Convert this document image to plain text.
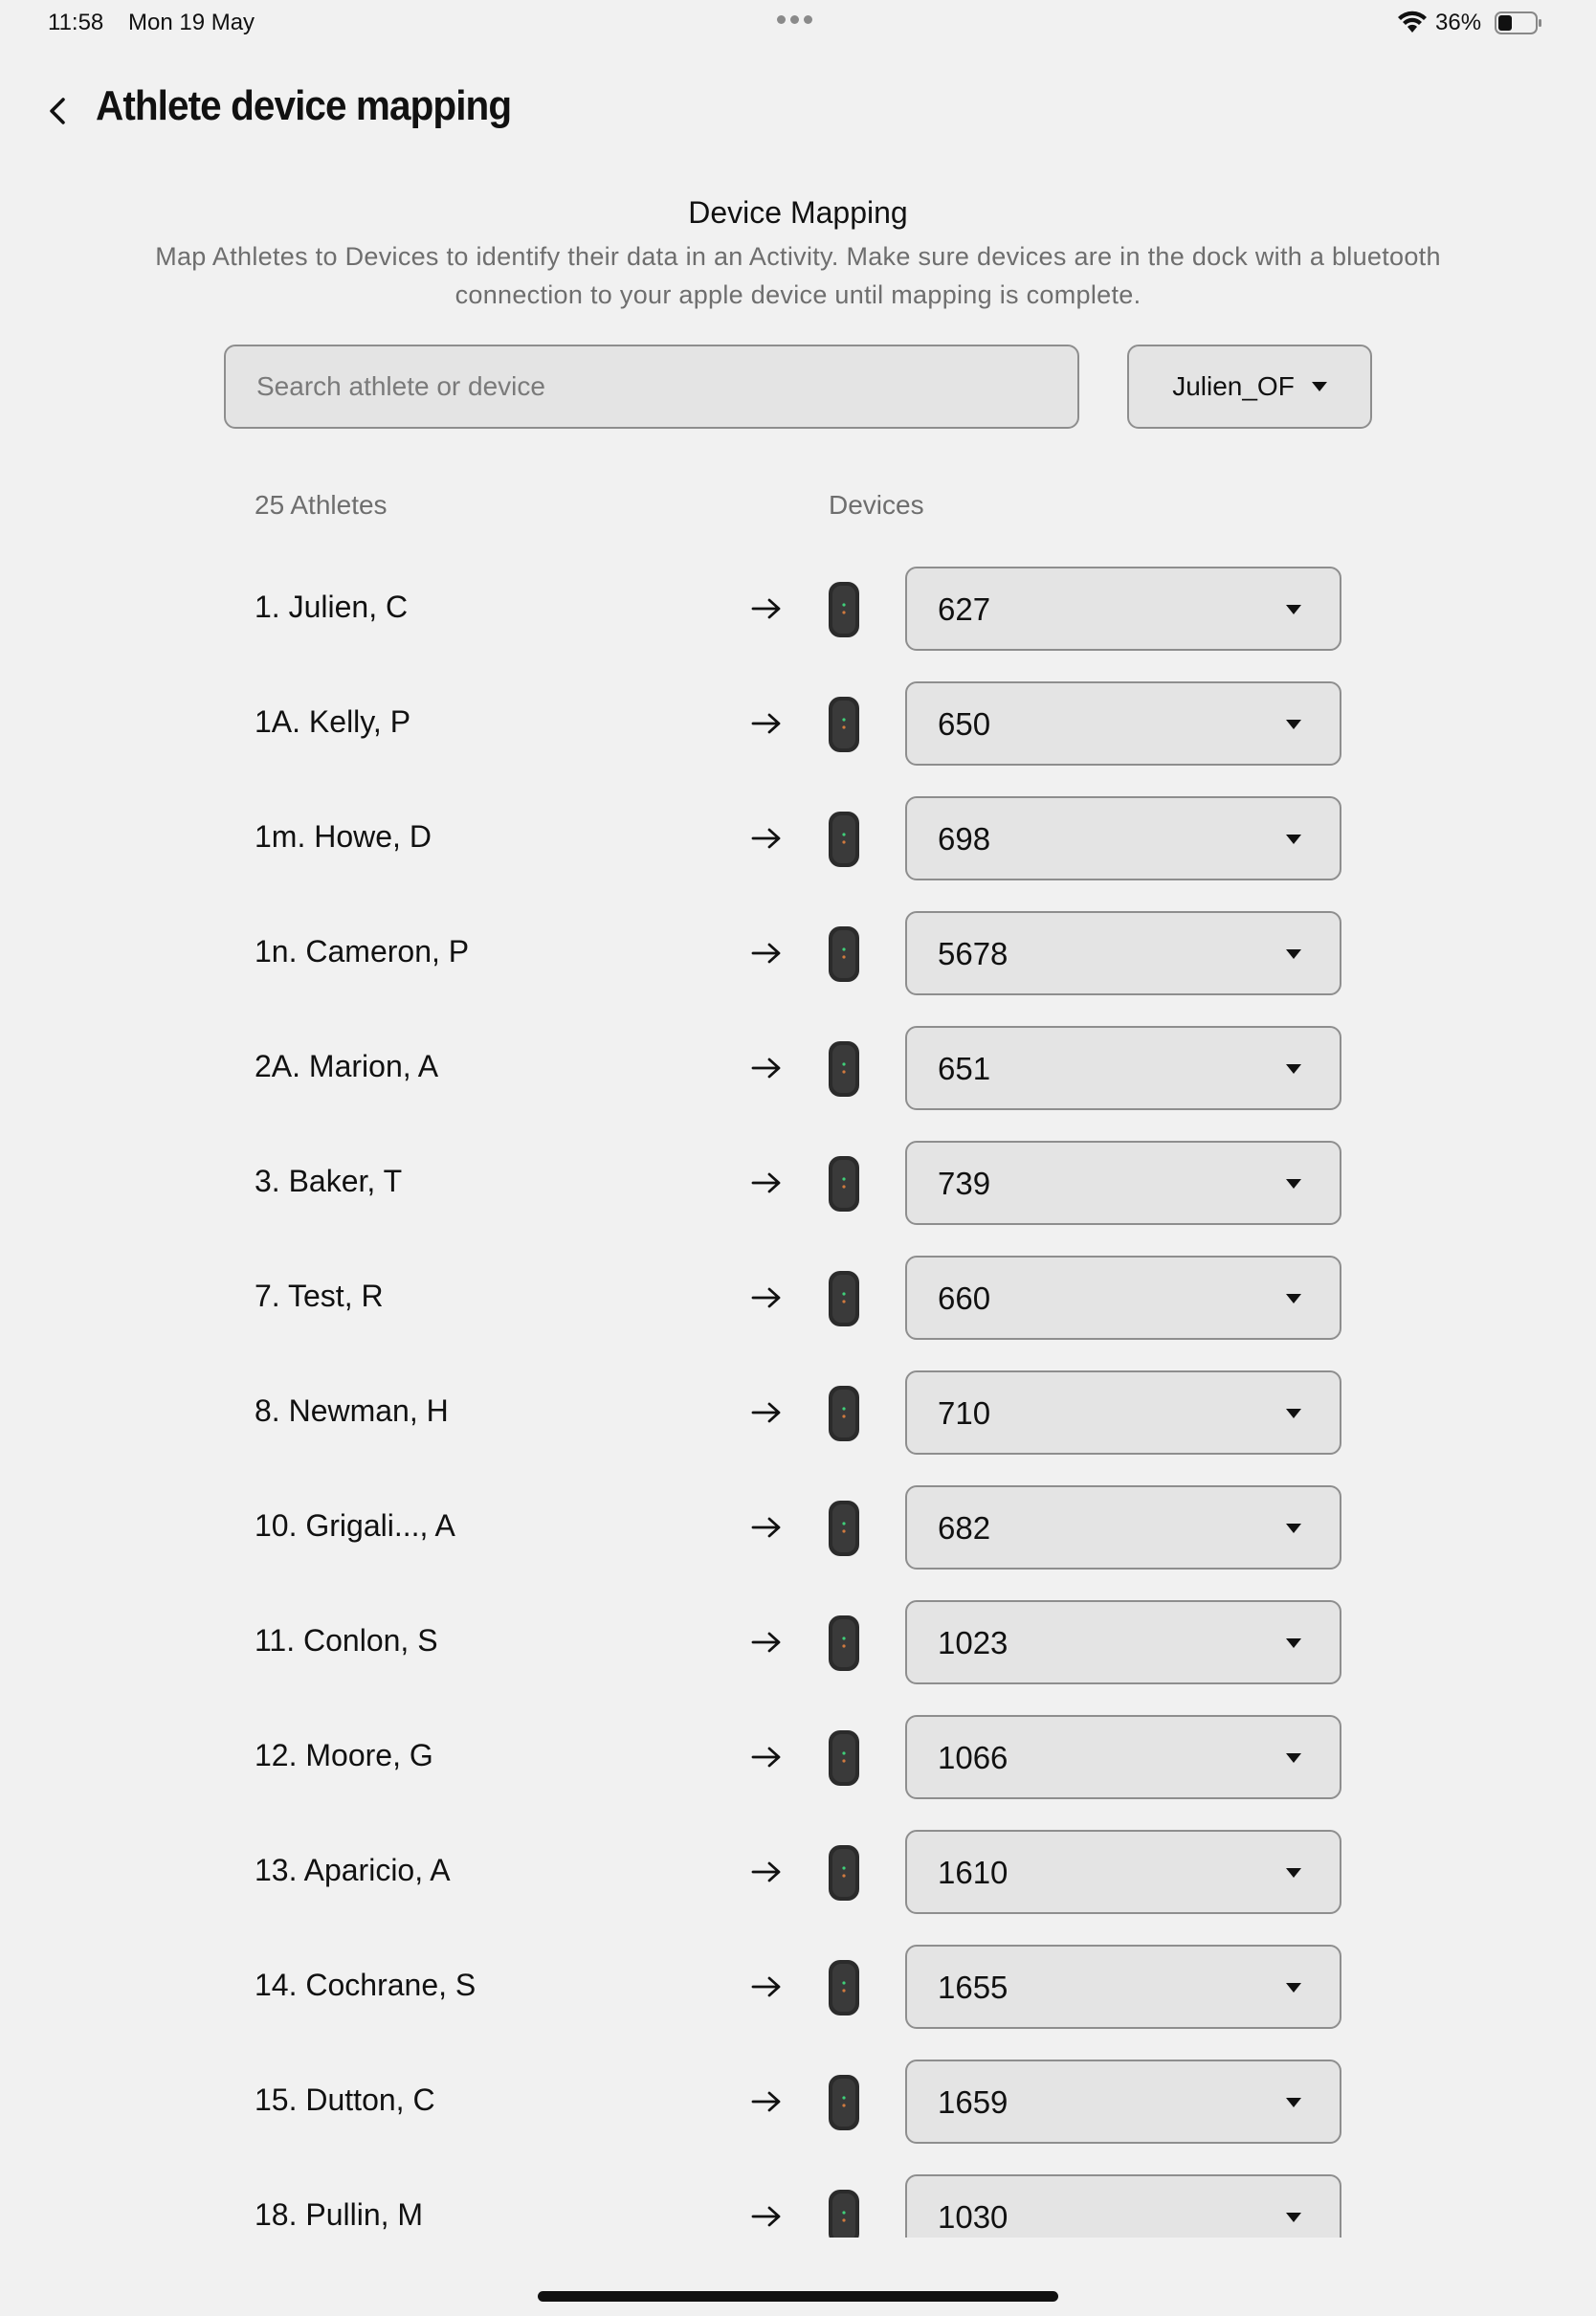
11:58 Mon 19 May	36%
Athlete device mapping
Device Mapping
Map Athletes to Devices to identify their data in an Activity. Make sure devices are in the dock with a bluetooth connection to your apple device until mapping is complete.
Search athlete or device
Julien_OF
25 Athletes	Devices
1. Julien, C	627
1A. Kelly, P	650
1m. Howe, D	698
1n. Cameron, P	5678
2A. Marion, A	651
3. Baker, T	739
7. Test, R	660
8. Newman, H	710
10. Grigali..., A	682
11. Conlon, S	1023
12. Moore, G	1066
13. Aparicio, A	1610
14. Cochrane, S	1655
15. Dutton, C	1659
18. Pullin, M	1030
